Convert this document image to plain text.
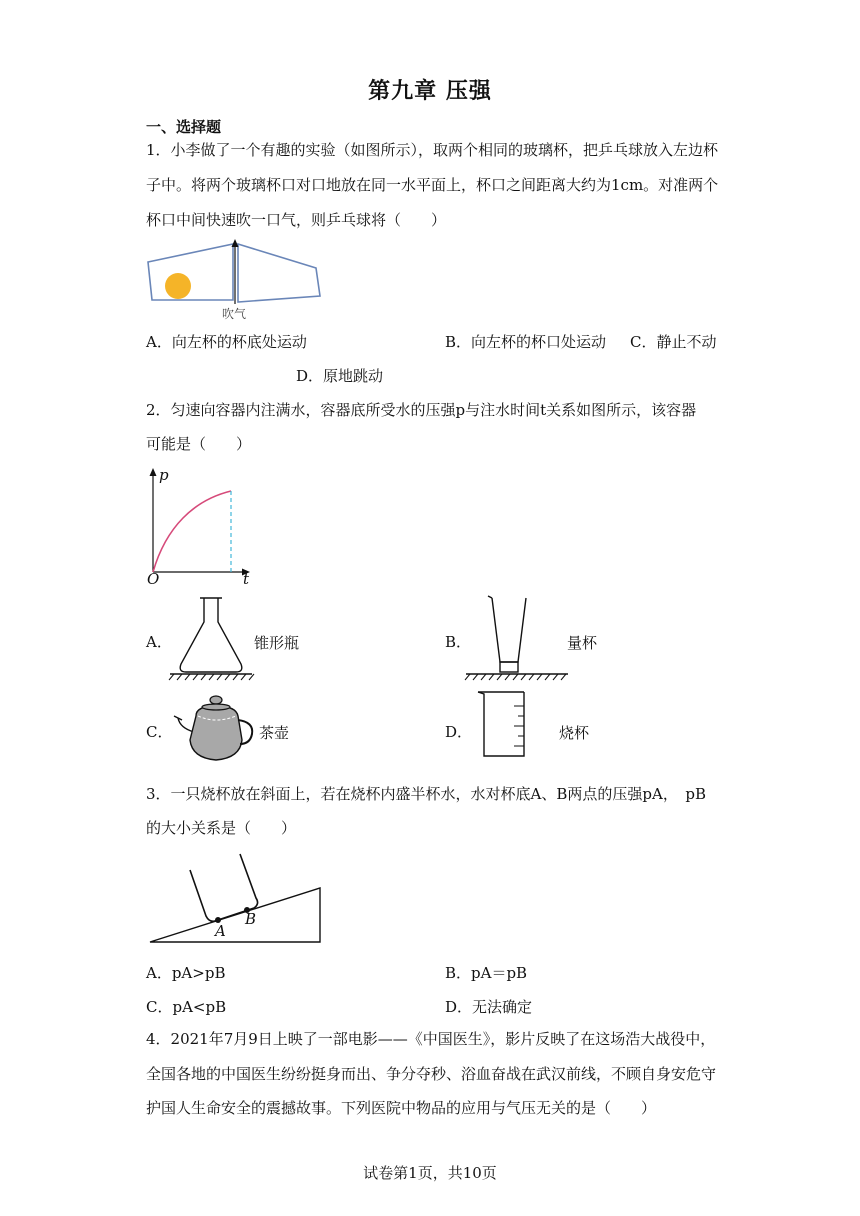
第九章 压强
一、选择题
1．小李做了一个有趣的实验（如图所示），取两个相同的玻璃杯，把乒乓球放入左边杯
子中。将两个玻璃杯口对口地放在同一水平面上，杯口之间距离大约为1cm。对准两个
杯口中间快速吹一口气，则乒乓球将（　　）
吹气
A．向左杯的杯底处运动	B．向左杯的杯口处运动 C．静止不动
D．原地跳动
2．匀速向容器内注满水，容器底所受水的压强p与注水时间t关系如图所示，该容器
可能是（　　）
p
t
O
A．	锥形瓶	B．	量杯
C．	茶壶	D．	烧杯
3．一只烧杯放在斜面上，若在烧杯内盛半杯水，水对杯底A、B两点的压强pA，　pB
的大小关系是（　　）
A
B
A．pA>pB	B．pA＝pB
C．pA<pB	D．无法确定
4．2021年7月9日上映了一部电影——《中国医生》，影片反映了在这场浩大战役中，
全国各地的中国医生纷纷挺身而出、争分夺秒、浴血奋战在武汉前线，不顾自身安危守
护国人生命安全的震撼故事。下列医院中物品的应用与气压无关的是（　　）
试卷第1页，共10页
